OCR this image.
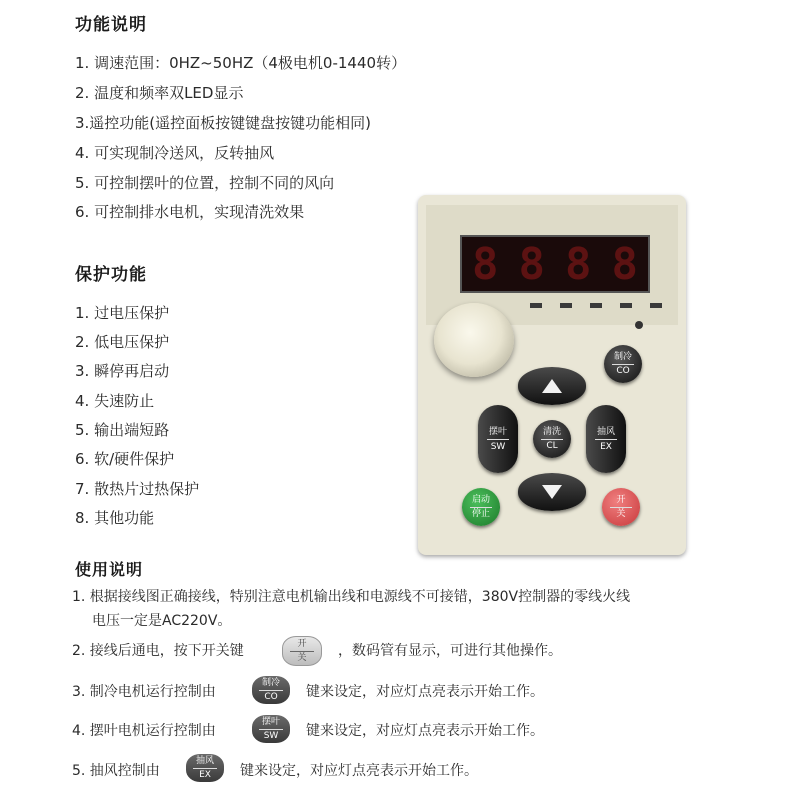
功能说明
1. 调速范围：0HZ~50HZ（4极电机0-1440转）
2. 温度和频率双LED显示
3.遥控功能(遥控面板按键键盘按键功能相同)
4. 可实现制冷送风，反转抽风
5. 可控制摆叶的位置，控制不同的风向
6. 可控制排水电机，实现清洗效果
保护功能
1. 过电压保护
2. 低电压保护
3. 瞬停再启动
4. 失速防止
5. 输出端短路
6. 软/硬件保护
7. 散热片过热保护
8. 其他功能
8 8 8 8
制冷
CO
摆叶
SW
清洗
CL
抽风
EX
启动
停止
开
关
使用说明
1. 根据接线图正确接线，特别注意电机输出线和电源线不可接错，380V控制器的零线火线
电压一定是AC220V。
2. 接线后通电，按下开关键	开
关 ，数码管有显示，可进行其他操作。
3. 制冷电机运行控制由
制冷
CO 键来设定，对应灯点亮表示开始工作。
4. 摆叶电机运行控制由
摆叶
SW 键来设定，对应灯点亮表示开始工作。
5. 抽风控制由
抽风
EX 键来设定，对应灯点亮表示开始工作。
